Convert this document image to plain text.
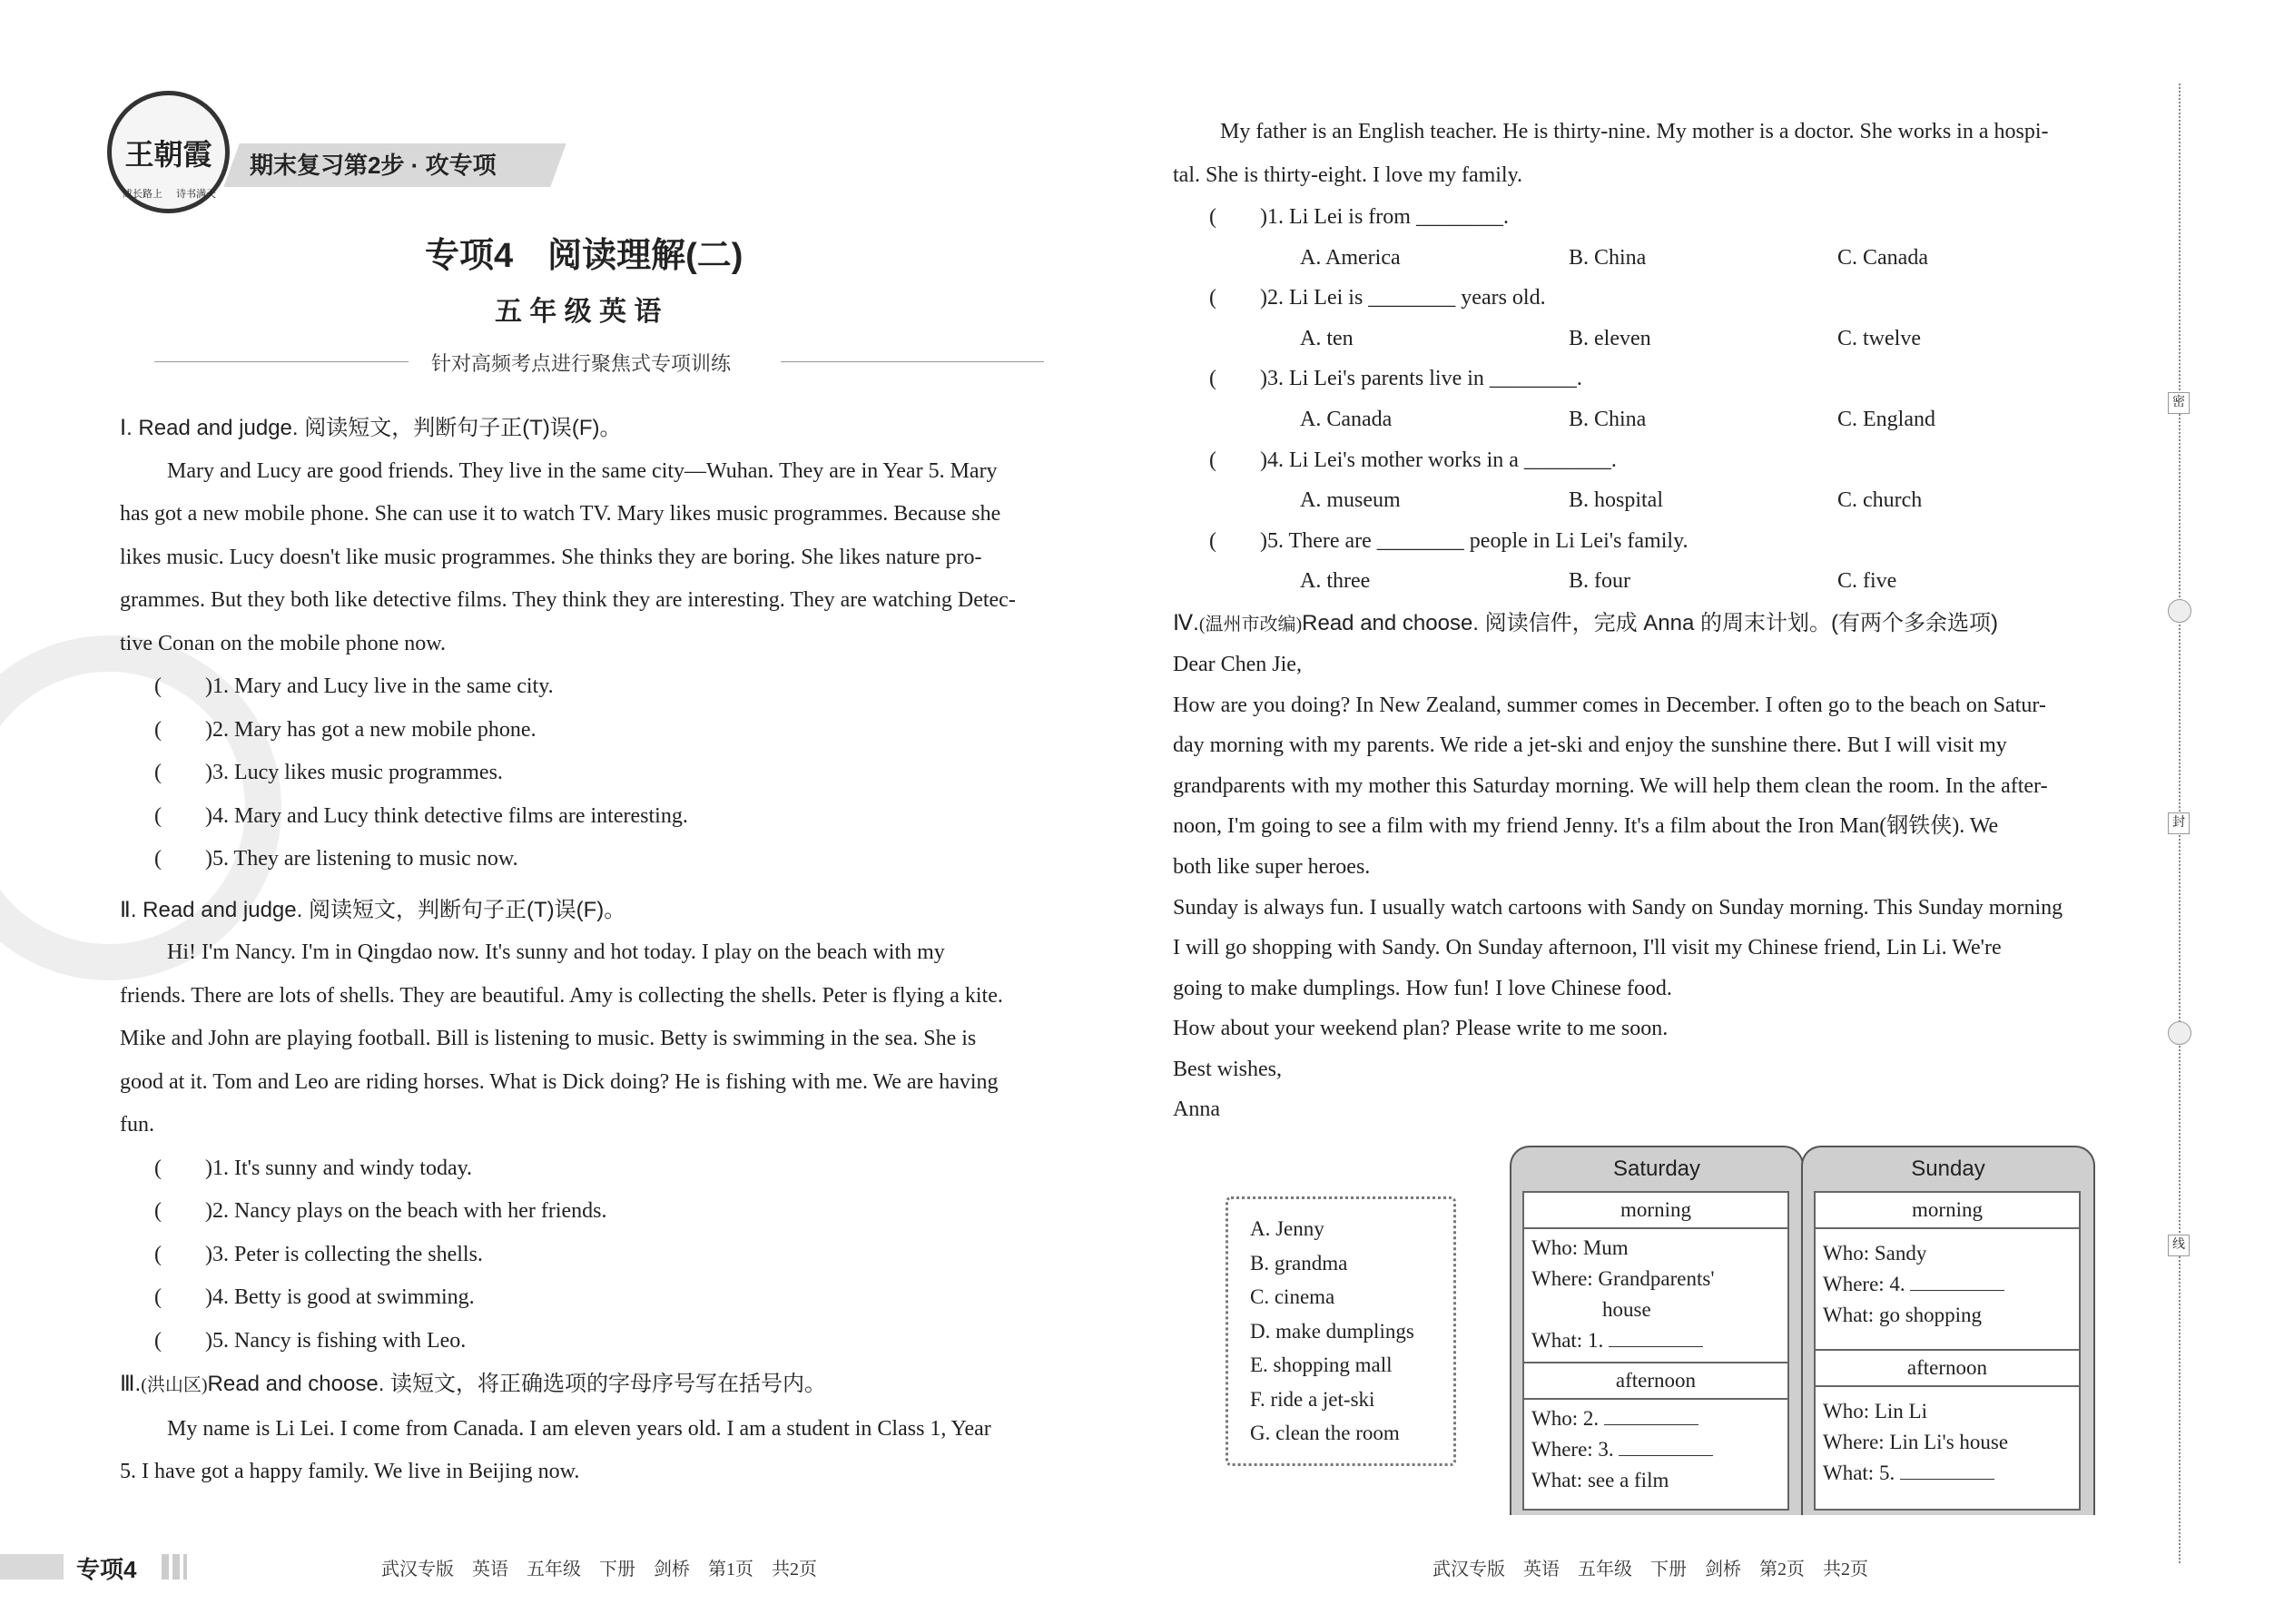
王朝霞
成长路上 诗书满天
期末复习第2步 · 攻专项
专项4　阅读理解(二)
五 年 级 英 语
针对高频考点进行聚焦式专项训练

Ⅰ. Read and judge. 阅读短文，判断句子正(T)误(F)。

Mary and Lucy are good friends. They live in the same city—Wuhan. They are in Year 5. Mary

has got a new mobile phone. She can use it to watch TV. Mary likes music programmes. Because she

likes music. Lucy doesn't like music programmes. She thinks they are boring. She likes nature pro-

grammes. But they both like detective films. They think they are interesting. They are watching Detec-

tive Conan on the mobile phone now.

(　　)1. Mary and Lucy live in the same city.

(　　)2. Mary has got a new mobile phone.

(　　)3. Lucy likes music programmes.

(　　)4. Mary and Lucy think detective films are interesting.

(　　)5. They are listening to music now.

Ⅱ. Read and judge. 阅读短文，判断句子正(T)误(F)。

Hi! I'm Nancy. I'm in Qingdao now. It's sunny and hot today. I play on the beach with my

friends. There are lots of shells. They are beautiful. Amy is collecting the shells. Peter is flying a kite.

Mike and John are playing football. Bill is listening to music. Betty is swimming in the sea. She is

good at it. Tom and Leo are riding horses. What is Dick doing? He is fishing with me. We are having

fun.

(　　)1. It's sunny and windy today.

(　　)2. Nancy plays on the beach with her friends.

(　　)3. Peter is collecting the shells.

(　　)4. Betty is good at swimming.

(　　)5. Nancy is fishing with Leo.

Ⅲ.(洪山区)Read and choose. 读短文，将正确选项的字母序号写在括号内。

My name is Li Lei. I come from Canada. I am eleven years old. I am a student in Class 1, Year

5. I have got a happy family. We live in Beijing now.

专项4	武汉专版　英语　五年级　下册　剑桥　第1页　共2页

My father is an English teacher. He is thirty-nine. My mother is a doctor. She works in a hospi-

tal. She is thirty-eight. I love my family.

(　　)1. Li Lei is from ________.

A. America	B. China	C. Canada

(　　)2. Li Lei is ________ years old.

A. ten	B. eleven	C. twelve

(　　)3. Li Lei's parents live in ________.

A. Canada	B. China	C. England

(　　)4. Li Lei's mother works in a ________.

A. museum	B. hospital	C. church

(　　)5. There are ________ people in Li Lei's family.

A. three	B. four	C. five

Ⅳ.(温州市改编)Read and choose. 阅读信件，完成 Anna 的周末计划。(有两个多余选项)

Dear Chen Jie,

How are you doing? In New Zealand, summer comes in December. I often go to the beach on Satur-

day morning with my parents. We ride a jet-ski and enjoy the sunshine there. But I will visit my

grandparents with my mother this Saturday morning. We will help them clean the room. In the after-

noon, I'm going to see a film with my friend Jenny. It's a film about the Iron Man(钢铁侠). We

both like super heroes.

Sunday is always fun. I usually watch cartoons with Sandy on Sunday morning. This Sunday morning

I will go shopping with Sandy. On Sunday afternoon, I'll visit my Chinese friend, Lin Li. We're

going to make dumplings. How fun! I love Chinese food.

How about your weekend plan? Please write to me soon.

Best wishes,

Anna

A. Jenny
B. grandma
C. cinema
D. make dumplings
E. shopping mall
F. ride a jet-ski
G. clean the room
Saturday
morning
Who: Mum
Where: Grandparents'
house
What: 1.
afternoon
Who: 2.
Where: 3.
What: see a film
Sunday
morning
Who: Sandy
Where: 4.
What: go shopping
afternoon
Who: Lin Li
Where: Lin Li's house
What: 5.
武汉专版　英语　五年级　下册　剑桥　第2页　共2页
密
封
线
